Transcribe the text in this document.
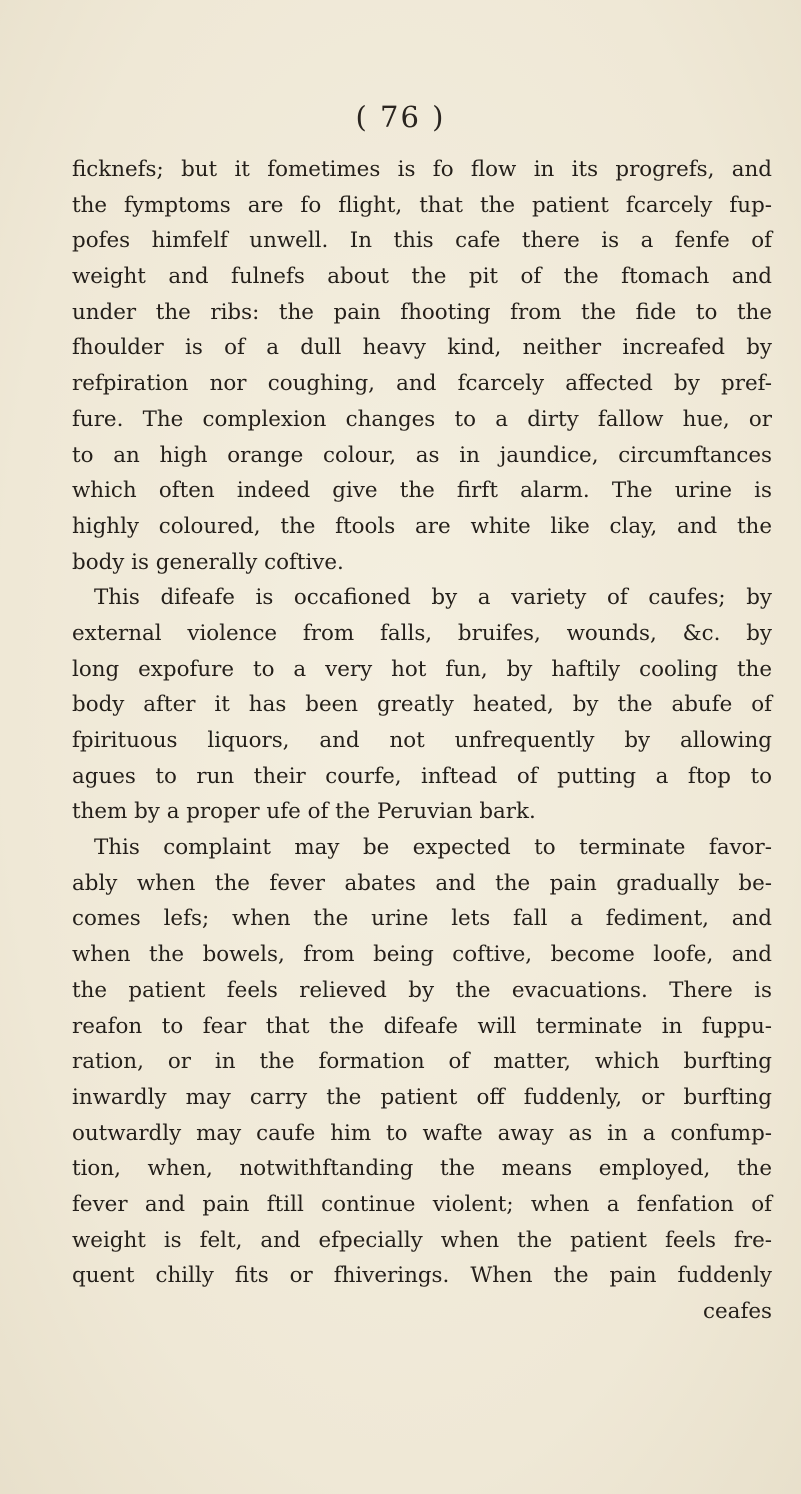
( 76 )
ficknefs; but it fometimes is fo flow in its progrefs, and
the fymptoms are fo flight, that the patient fcarcely fup-
pofes himfelf unwell. In this cafe there is a fenfe of
weight and fulnefs about the pit of the ftomach and
under the ribs: the pain fhooting from the fide to the
fhoulder is of a dull heavy kind, neither increafed by
refpiration nor coughing, and fcarcely affected by pref-
fure. The complexion changes to a dirty fallow hue, or
to an high orange colour, as in jaundice, circumftances
which often indeed give the firft alarm. The urine is
highly coloured, the ftools are white like clay, and the
body is generally coftive.
This difeafe is occafioned by a variety of caufes; by
external violence from falls, bruifes, wounds, &c. by
long expofure to a very hot fun, by haftily cooling the
body after it has been greatly heated, by the abufe of
fpirituous liquors, and not unfrequently by allowing
agues to run their courfe, inftead of putting a ftop to
them by a proper ufe of the Peruvian bark.
This complaint may be expected to terminate favor-
ably when the fever abates and the pain gradually be-
comes lefs; when the urine lets fall a fediment, and
when the bowels, from being coftive, become loofe, and
the patient feels relieved by the evacuations. There is
reafon to fear that the difeafe will terminate in fuppu-
ration, or in the formation of matter, which burfting
inwardly may carry the patient off fuddenly, or burfting
outwardly may caufe him to wafte away as in a confump-
tion, when, notwithftanding the means employed, the
fever and pain ftill continue violent; when a fenfation of
weight is felt, and efpecially when the patient feels fre-
quent chilly fits or fhiverings. When the pain fuddenly
ceafes
